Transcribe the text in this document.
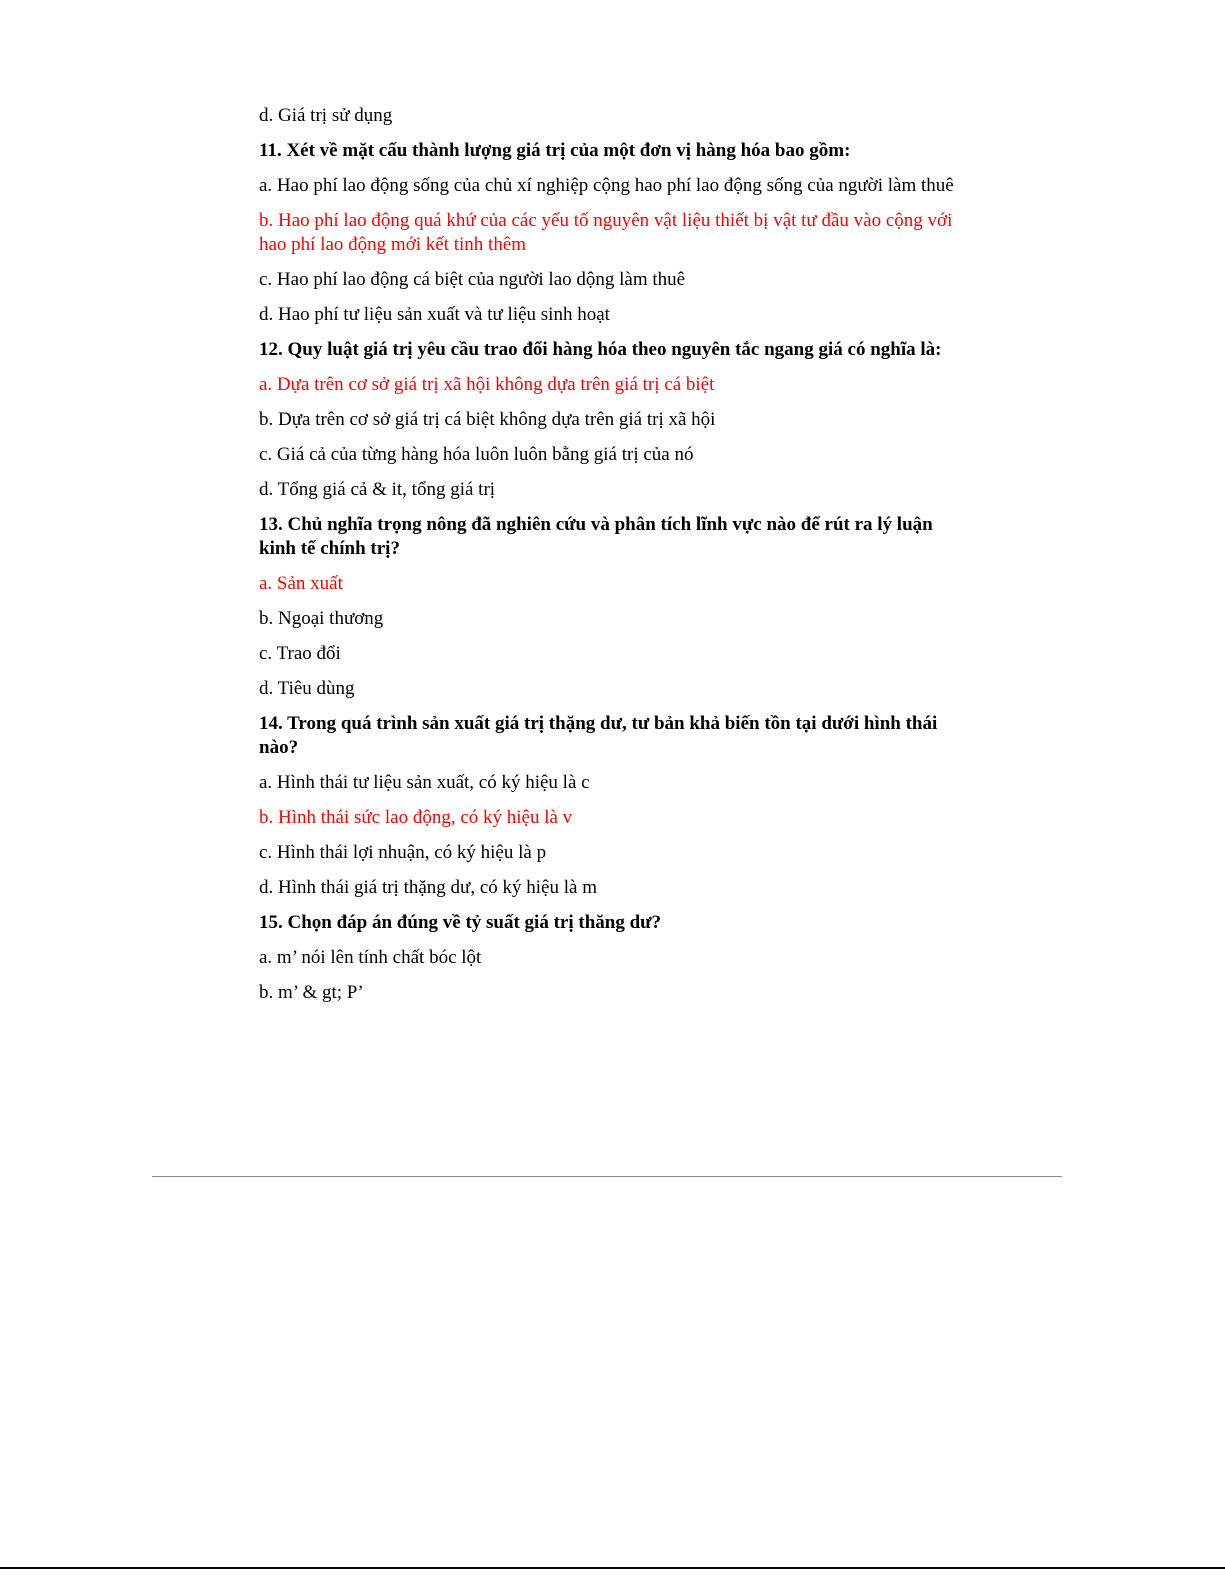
d. Giá trị sử dụng
11. Xét về mặt cấu thành lượng giá trị của một đơn vị hàng hóa bao gồm:
a. Hao phí lao động sống của chủ xí nghiệp cộng hao phí lao động sống của người làm thuê
b. Hao phí lao động quá khứ của các yếu tố nguyên vật liệu thiết bị vật tư đầu vào cộng với hao phí lao động mới kết tinh thêm
c. Hao phí lao động cá biệt của người lao dộng làm thuê
d. Hao phí tư liệu sản xuất và tư liệu sinh hoạt
12. Quy luật giá trị yêu cầu trao đổi hàng hóa theo nguyên tắc ngang giá có nghĩa là:
a. Dựa trên cơ sở giá trị xã hội không dựa trên giá trị cá biệt
b. Dựa trên cơ sở giá trị cá biệt không dựa trên giá trị xã hội
c. Giá cả của từng hàng hóa luôn luôn bằng giá trị của nó
d. Tổng giá cả & it, tổng giá trị
13. Chủ nghĩa trọng nông đã nghiên cứu và phân tích lĩnh vực nào để rút ra lý luận kinh tế chính trị?
a. Sản xuất
b. Ngoại thương
c. Trao đổi
d. Tiêu dùng
14. Trong quá trình sản xuất giá trị thặng dư, tư bản khả biến tồn tại dưới hình thái nào?
a. Hình thái tư liệu sản xuất, có ký hiệu là c
b. Hình thái sức lao động, có ký hiệu là v
c. Hình thái lợi nhuận, có ký hiệu là p
d. Hình thái giá trị thặng dư, có ký hiệu là m
15. Chọn đáp án đúng về tỷ suất giá trị thăng dư?
a. m’ nói lên tính chất bóc lột
b. m’ & gt; P’
